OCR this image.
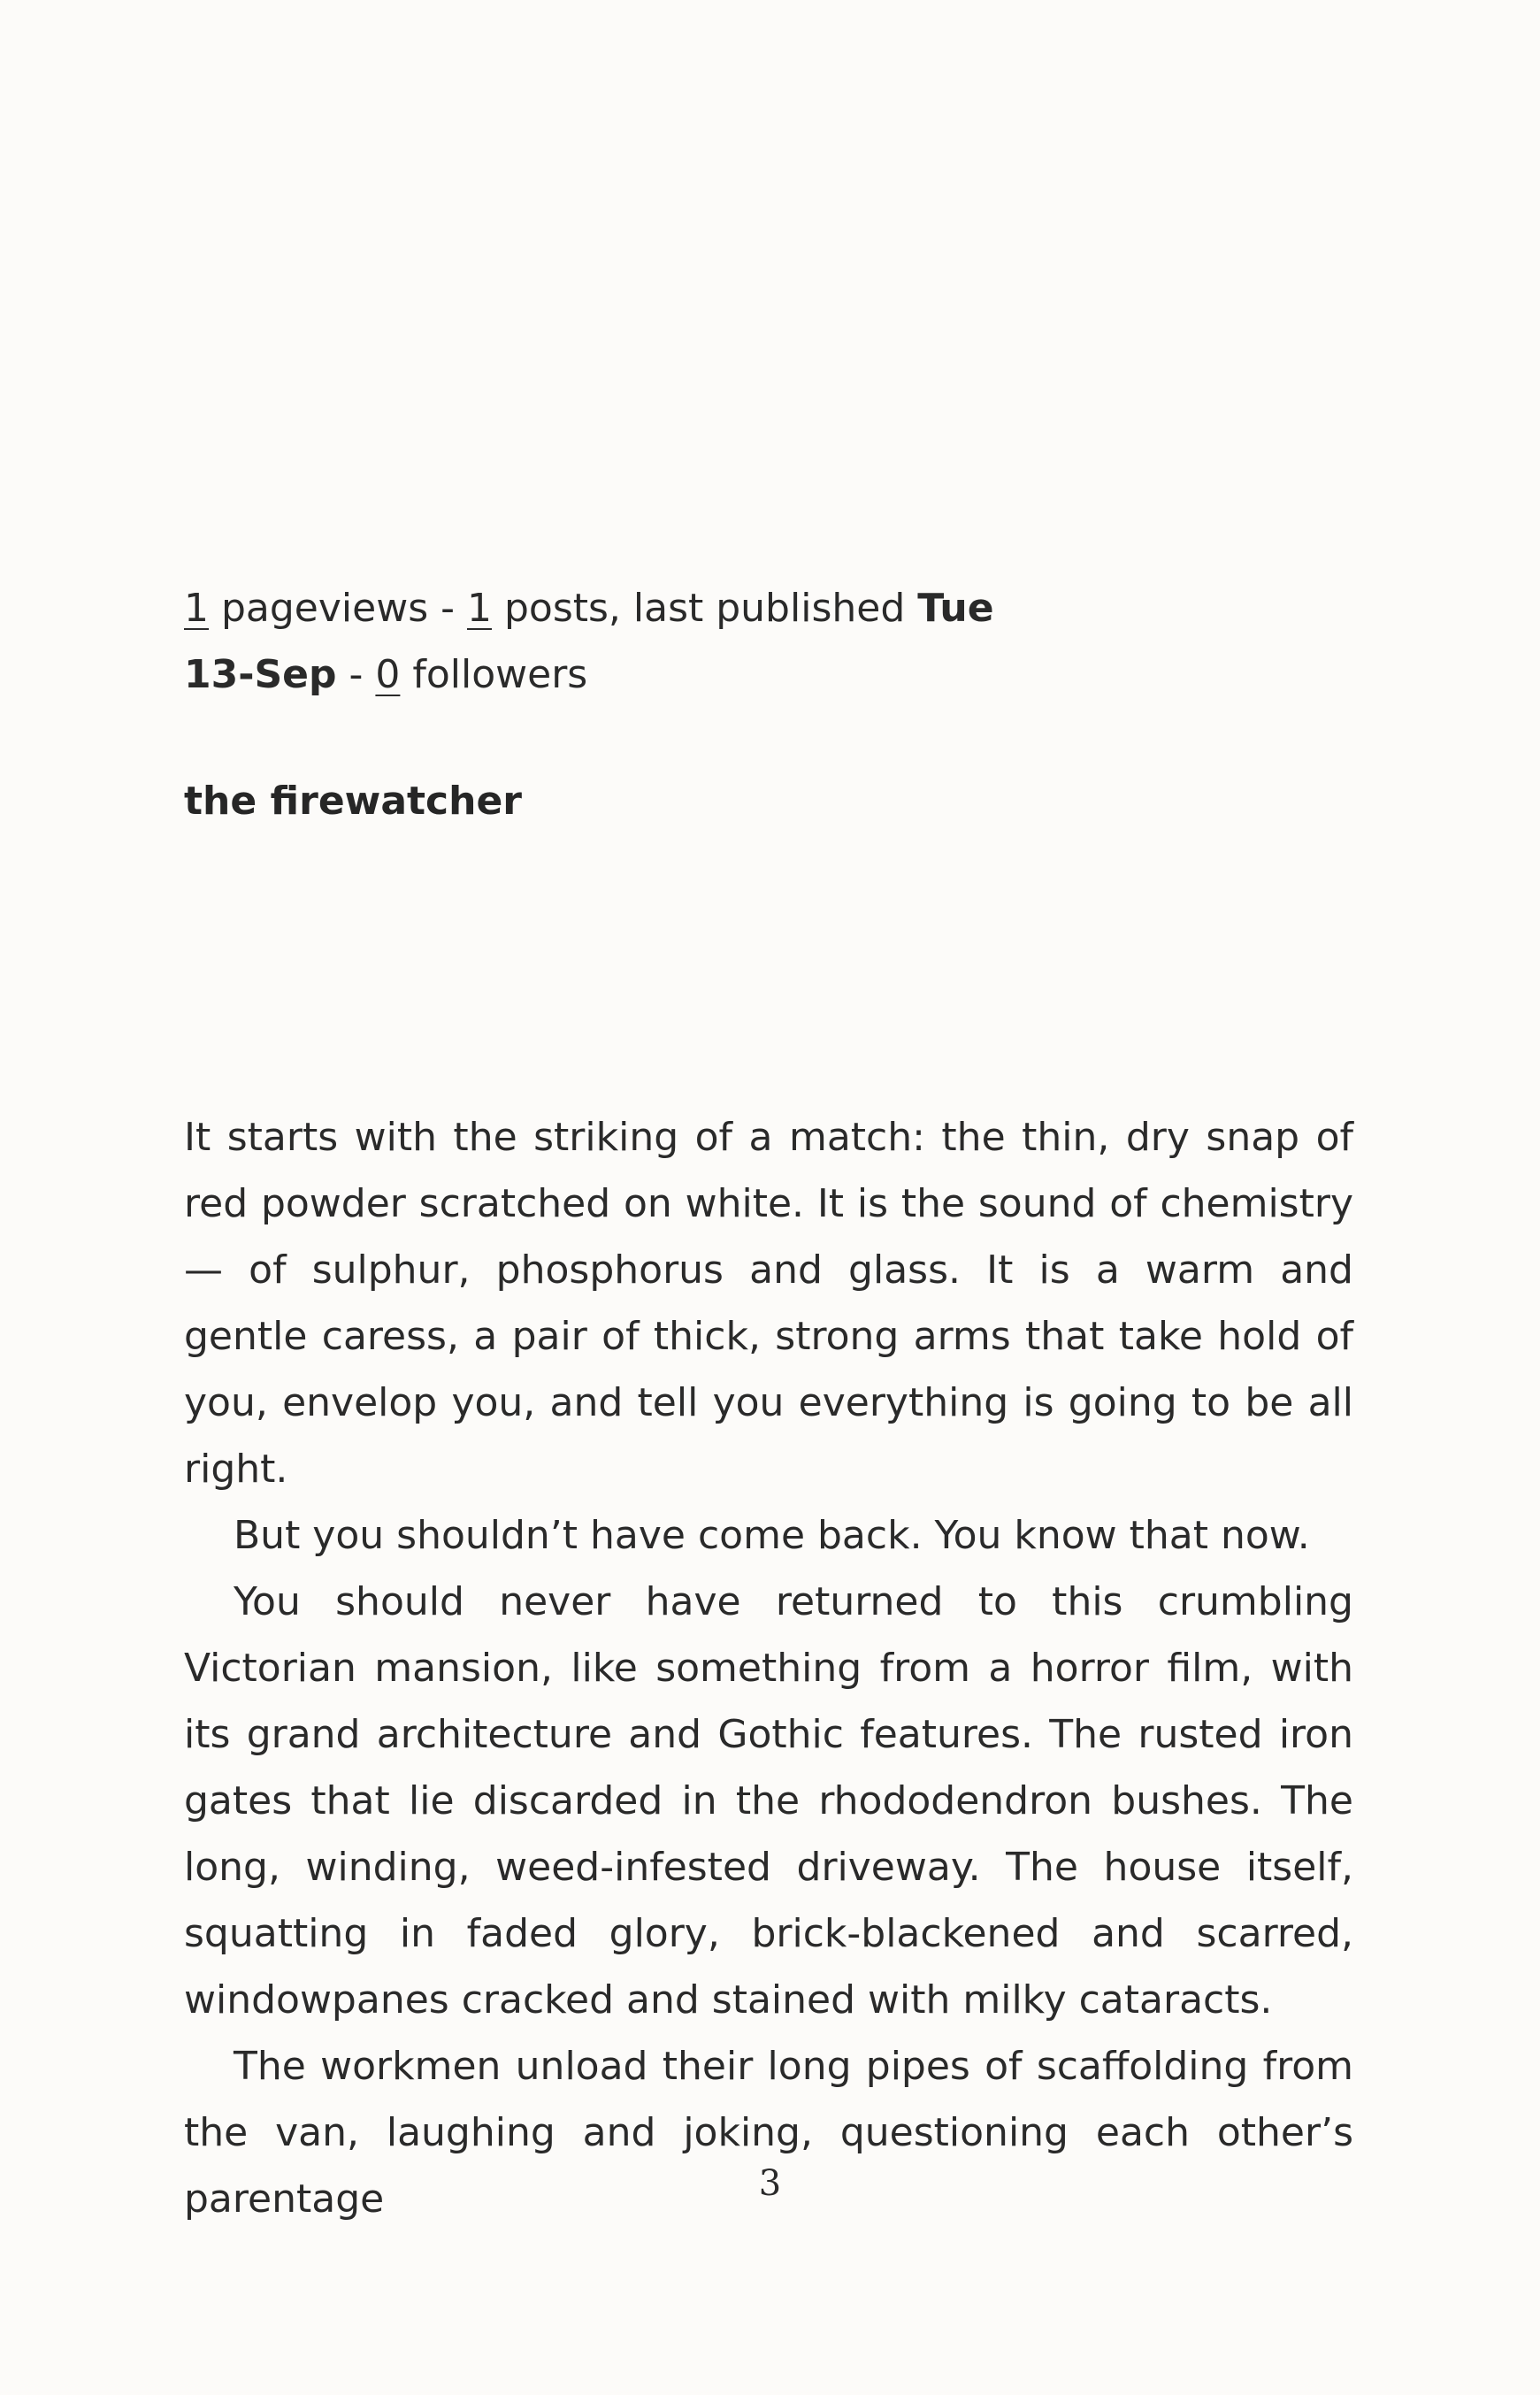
1 pageviews - 1 posts, last published Tue
13-Sep - 0 followers
the firewatcher

It starts with the striking of a match: the thin, dry snap of red powder scratched on white. It is the sound of chemistry — of sulphur, phosphorus and glass. It is a warm and gentle caress, a pair of thick, strong arms that take hold of you, envelop you, and tell you everything is going to be all right.

But you shouldn’t have come back. You know that now.

You should never have returned to this crumbling Victorian mansion, like something from a horror film, with its grand architecture and Gothic features. The rusted iron gates that lie discarded in the rhododendron bushes. The long, winding, weed-infested driveway. The house itself, squatting in faded glory, brick-blackened and scarred, windowpanes cracked and stained with milky cataracts.

The workmen unload their long pipes of scaffolding from the van, laughing and joking, questioning each other’s parentage	3
